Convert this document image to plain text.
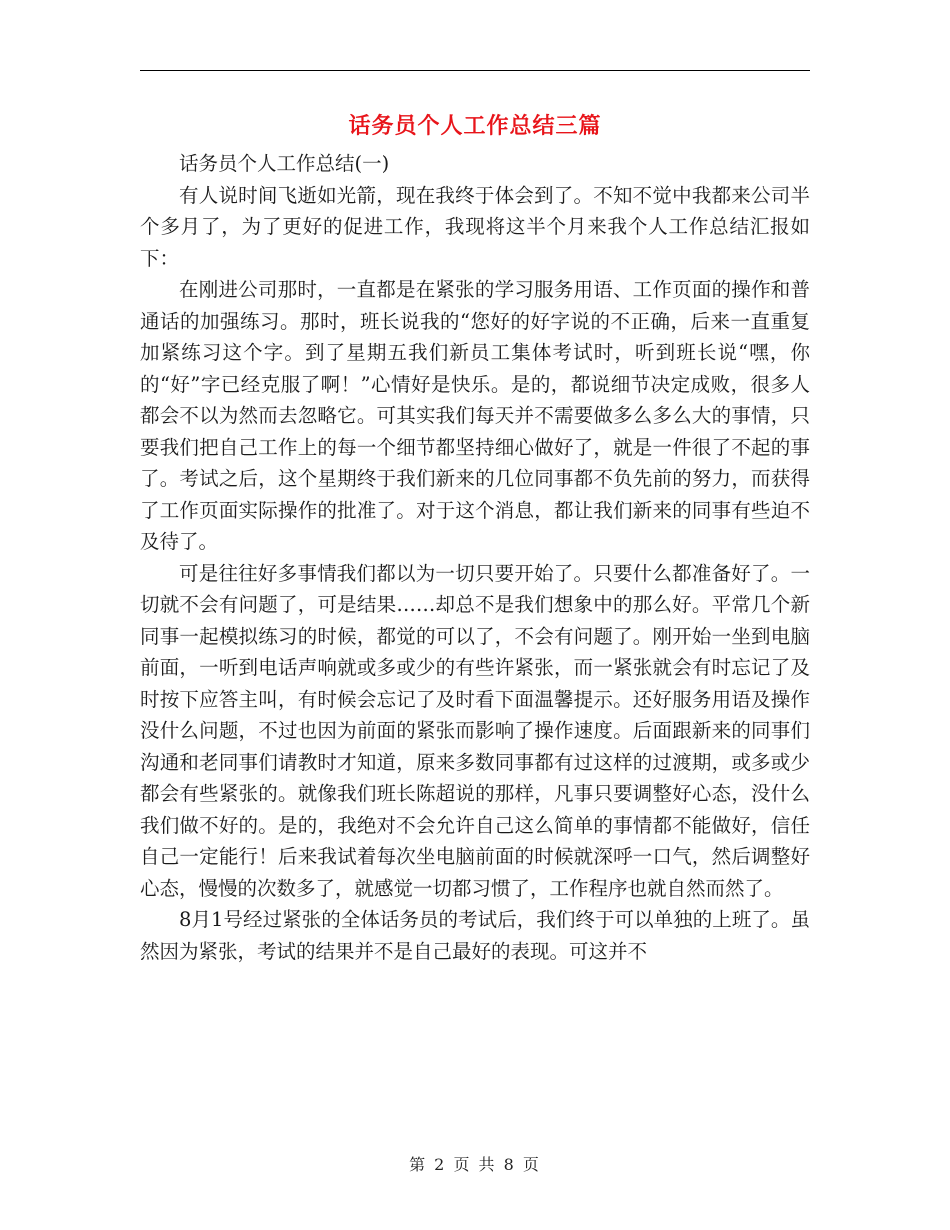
话务员个人工作总结三篇

话务员个人工作总结(一)

有人说时间飞逝如光箭，现在我终于体会到了。不知不觉中我都来公司半个多月了，为了更好的促进工作，我现将这半个月来我个人工作总结汇报如下：

在刚进公司那时，一直都是在紧张的学习服务用语、工作页面的操作和普通话的加强练习。那时，班长说我的“您好的好字说的不正确，后来一直重复加紧练习这个字。到了星期五我们新员工集体考试时，听到班长说“嘿，你的“好”字已经克服了啊！”心情好是快乐。是的，都说细节决定成败，很多人都会不以为然而去忽略它。可其实我们每天并不需要做多么多么大的事情，只要我们把自己工作上的每一个细节都坚持细心做好了，就是一件很了不起的事了。考试之后，这个星期终于我们新来的几位同事都不负先前的努力，而获得了工作页面实际操作的批准了。对于这个消息，都让我们新来的同事有些迫不及待了。

可是往往好多事情我们都以为一切只要开始了。只要什么都准备好了。一切就不会有问题了，可是结果……却总不是我们想象中的那么好。平常几个新同事一起模拟练习的时候，都觉的可以了，不会有问题了。刚开始一坐到电脑前面，一听到电话声响就或多或少的有些许紧张，而一紧张就会有时忘记了及时按下应答主叫，有时候会忘记了及时看下面温馨提示。还好服务用语及操作没什么问题，不过也因为前面的紧张而影响了操作速度。后面跟新来的同事们沟通和老同事们请教时才知道，原来多数同事都有过这样的过渡期，或多或少都会有些紧张的。就像我们班长陈超说的那样，凡事只要调整好心态，没什么我们做不好的。是的，我绝对不会允许自己这么简单的事情都不能做好，信任自己一定能行！后来我试着每次坐电脑前面的时候就深呼一口气，然后调整好心态，慢慢的次数多了，就感觉一切都习惯了，工作程序也就自然而然了。

8月1号经过紧张的全体话务员的考试后，我们终于可以单独的上班了。虽然因为紧张，考试的结果并不是自己最好的表现。可这并不

第 2 页 共 8 页
